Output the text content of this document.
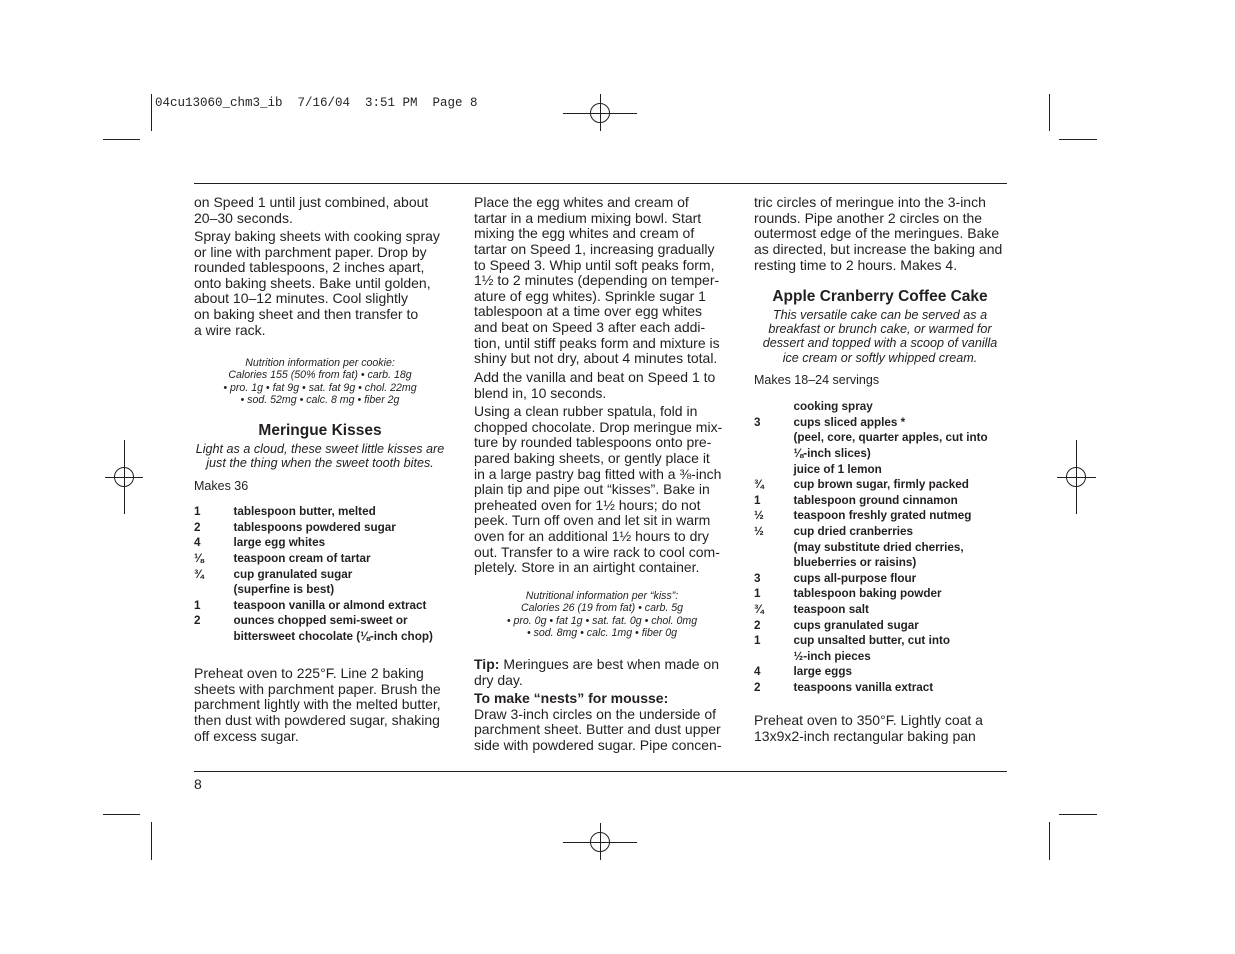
04cu13060_chm3_ib  7/16/04  3:51 PM  Page 8
on Speed 1 until just combined, about
20–30 seconds.
Spray baking sheets with cooking spray
or line with parchment paper. Drop by
rounded tablespoons, 2 inches apart,
onto baking sheets. Bake until golden,
about 10–12 minutes. Cool slightly
on baking sheet and then transfer to
a wire rack.
Nutrition information per cookie:
Calories 155 (50% from fat) • carb. 18g
• pro. 1g • fat 9g • sat. fat 9g • chol. 22mg
• sod. 52mg • calc. 8 mg • fiber 2g
Meringue Kisses
Light as a cloud, these sweet little kisses are
just the thing when the sweet tooth bites.
Makes 36
1	tablespoon butter, melted
2	tablespoons powdered sugar
4	large egg whites
⅛	teaspoon cream of tartar
¾	cup granulated sugar
(superfine is best)
1	teaspoon vanilla or almond extract
2	ounces chopped semi-sweet or
bittersweet chocolate (⅛-inch chop)
Preheat oven to 225°F. Line 2 baking
sheets with parchment paper. Brush the
parchment lightly with the melted butter,
then dust with powdered sugar, shaking
off excess sugar.
Place the egg whites and cream of
tartar in a medium mixing bowl. Start
mixing the egg whites and cream of
tartar on Speed 1, increasing gradually
to Speed 3. Whip until soft peaks form,
1½ to 2 minutes (depending on temper-
ature of egg whites). Sprinkle sugar 1
tablespoon at a time over egg whites
and beat on Speed 3 after each addi-
tion, until stiff peaks form and mixture is
shiny but not dry, about 4 minutes total.
Add the vanilla and beat on Speed 1 to
blend in, 10 seconds.
Using a clean rubber spatula, fold in
chopped chocolate. Drop meringue mix-
ture by rounded tablespoons onto pre-
pared baking sheets, or gently place it
in a large pastry bag fitted with a ⅜-inch
plain tip and pipe out “kisses”. Bake in
preheated oven for 1½ hours; do not
peek. Turn off oven and let sit in warm
oven for an additional 1½ hours to dry
out. Transfer to a wire rack to cool com-
pletely. Store in an airtight container.
Nutritional information per “kiss”:
Calories 26 (19 from fat) • carb. 5g
• pro. 0g • fat 1g • sat. fat. 0g • chol. 0mg
• sod. 8mg • calc. 1mg • fiber 0g
Tip: Meringues are best when made on
dry day.
To make “nests” for mousse:
Draw 3-inch circles on the underside of
parchment sheet. Butter and dust upper
side with powdered sugar. Pipe concen-
tric circles of meringue into the 3-inch
rounds. Pipe another 2 circles on the
outermost edge of the meringues. Bake
as directed, but increase the baking and
resting time to 2 hours. Makes 4.
Apple Cranberry Coffee Cake
This versatile cake can be served as a
breakfast or brunch cake, or warmed for
dessert and topped with a scoop of vanilla
ice cream or softly whipped cream.
Makes 18–24 servings
cooking spray
3	cups sliced apples *
(peel, core, quarter apples, cut into
⅛-inch slices)
juice of 1 lemon
¾	cup brown sugar, firmly packed
1	tablespoon ground cinnamon
½	teaspoon freshly grated nutmeg
½	cup dried cranberries
(may substitute dried cherries,
blueberries or raisins)
3	cups all-purpose flour
1	tablespoon baking powder
¾	teaspoon salt
2	cups granulated sugar
1	cup unsalted butter, cut into
½-inch pieces
4	large eggs
2	teaspoons vanilla extract
Preheat oven to 350°F. Lightly coat a
13x9x2-inch rectangular baking pan
8
